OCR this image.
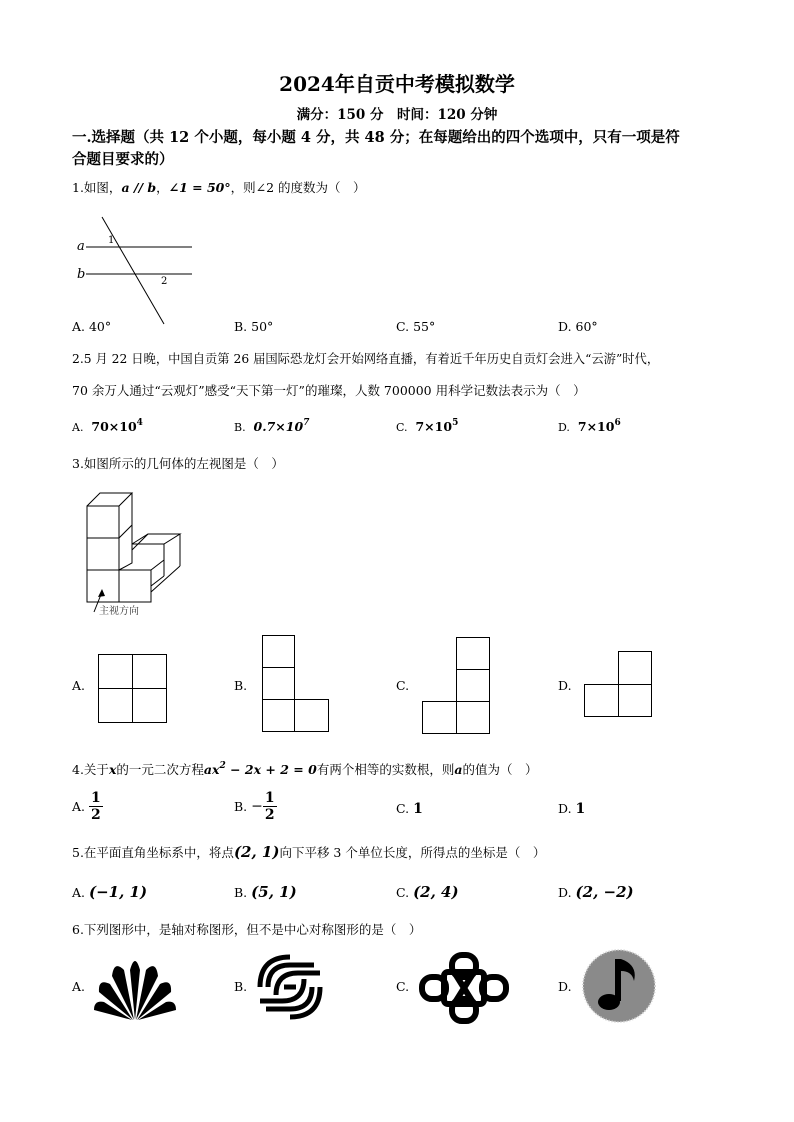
2024年自贡中考模拟数学
满分：150 分　时间：120 分钟
一.选择题（共 12 个小题，每小题 4 分，共 48 分；在每题给出的四个选项中，只有一项是符
合题目要求的）
1.如图，a // b，∠1 = 50°，则∠2 的度数为（　）
a
b
1
2
A. 40°	B. 50°	C. 55°	D. 60°
2.5 月 22 日晚，中国自贡第 26 届国际恐龙灯会开始网络直播，有着近千年历史自贡灯会进入“云游”时代，
70 余万人通过“云观灯”感受“天下第一灯”的璀璨，人数 700000 用科学记数法表示为（　）
A. $70\times 10^4$	B. $0.7\times 10^7$	C. $7\times 10^5$	D. $7\times 10^6$
3.如图所示的几何体的左视图是（　）
主视方向
A.	B.	C.	D.
4.关于x的一元二次方程$ax^2 - 2x + 2 = 0$有两个相等的实数根，则a的值为（　）
A. $\frac{1}{2}$	B. − $\frac{1}{2}$	C. 1	D. 1
5.在平面直角坐标系中，将点(2, 1)向下平移 3 个单位长度，所得点的坐标是（　）
A. (−1, 1)	B. (5, 1)	C. (2, 4)	D. (2, −2)
6.下列图形中，是轴对称图形，但不是中心对称图形的是（　）
A.	B.	C.	D.
